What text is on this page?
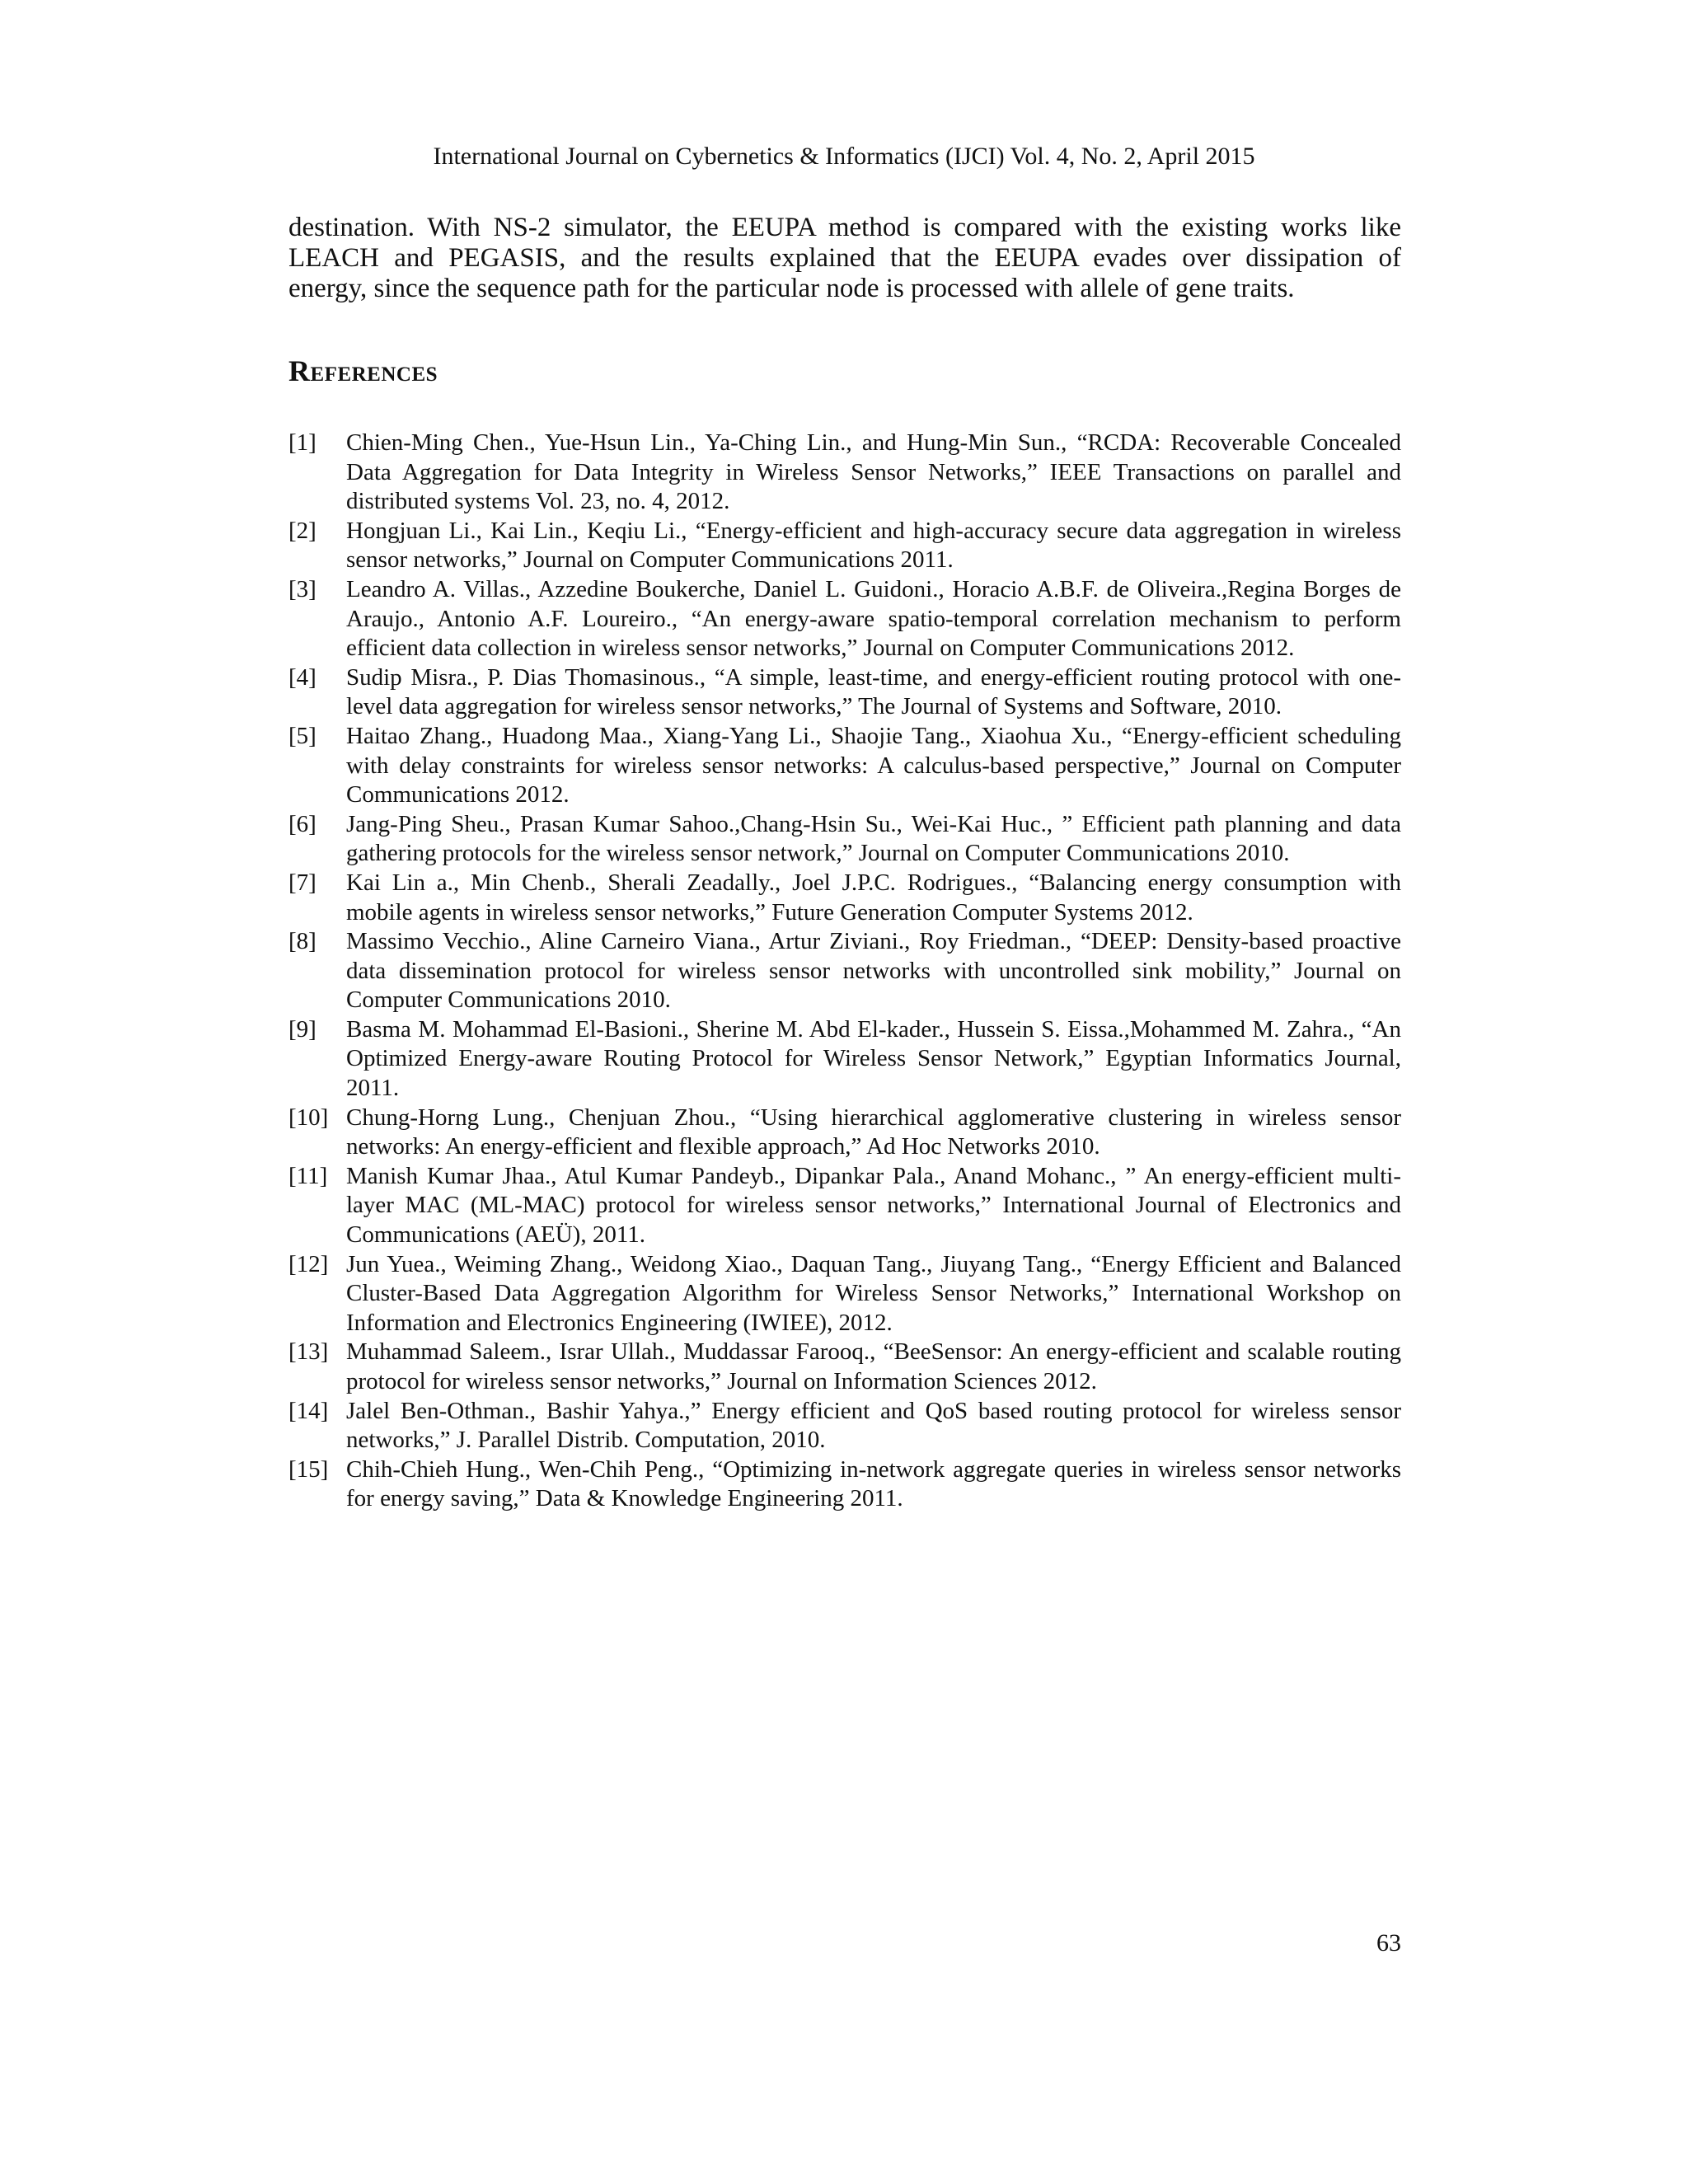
International Journal on Cybernetics & Informatics (IJCI) Vol. 4, No. 2, April 2015
destination. With NS-2 simulator, the EEUPA method is compared with the existing works like
LEACH and PEGASIS, and the results explained that the EEUPA evades over dissipation of
energy, since the sequence path for the particular node is processed with allele of gene traits.
References
[1] Chien-Ming Chen., Yue-Hsun Lin., Ya-Ching Lin., and Hung-Min Sun., “RCDA: Recoverable Concealed Data Aggregation for Data Integrity in Wireless Sensor Networks,” IEEE Transactions on parallel and distributed systems Vol. 23, no. 4, 2012.
[2] Hongjuan Li., Kai Lin., Keqiu Li., “Energy-efficient and high-accuracy secure data aggregation in wireless sensor networks,” Journal on Computer Communications 2011.
[3] Leandro A. Villas., Azzedine Boukerche, Daniel L. Guidoni., Horacio A.B.F. de Oliveira.,Regina Borges de Araujo., Antonio A.F. Loureiro., “An energy-aware spatio-temporal correlation mechanism to perform efficient data collection in wireless sensor networks,” Journal on Computer Communications 2012.
[4] Sudip Misra., P. Dias Thomasinous., “A simple, least-time, and energy-efficient routing protocol with one-level data aggregation for wireless sensor networks,” The Journal of Systems and Software, 2010.
[5] Haitao Zhang., Huadong Maa., Xiang-Yang Li., Shaojie Tang., Xiaohua Xu., “Energy-efficient scheduling with delay constraints for wireless sensor networks: A calculus-based perspective,” Journal on Computer Communications 2012.
[6] Jang-Ping Sheu., Prasan Kumar Sahoo.,Chang-Hsin Su., Wei-Kai Huc., ” Efficient path planning and data gathering protocols for the wireless sensor network,” Journal on Computer Communications 2010.
[7] Kai Lin a., Min Chenb., Sherali Zeadally., Joel J.P.C. Rodrigues., “Balancing energy consumption with mobile agents in wireless sensor networks,” Future Generation Computer Systems 2012.
[8] Massimo Vecchio., Aline Carneiro Viana., Artur Ziviani., Roy Friedman., “DEEP: Density-based proactive data dissemination protocol for wireless sensor networks with uncontrolled sink mobility,” Journal on Computer Communications 2010.
[9] Basma M. Mohammad El-Basioni., Sherine M. Abd El-kader., Hussein S. Eissa.,Mohammed M. Zahra., “An Optimized Energy-aware Routing Protocol for Wireless Sensor Network,” Egyptian Informatics Journal, 2011.
[10] Chung-Horng Lung., Chenjuan Zhou., “Using hierarchical agglomerative clustering in wireless sensor networks: An energy-efficient and flexible approach,” Ad Hoc Networks 2010.
[11] Manish Kumar Jhaa., Atul Kumar Pandeyb., Dipankar Pala., Anand Mohanc., ” An energy-efficient multi-layer MAC (ML-MAC) protocol for wireless sensor networks,” International Journal of Electronics and Communications (AEÜ), 2011.
[12] Jun Yuea., Weiming Zhang., Weidong Xiao., Daquan Tang., Jiuyang Tang., “Energy Efficient and Balanced Cluster-Based Data Aggregation Algorithm for Wireless Sensor Networks,” International Workshop on Information and Electronics Engineering (IWIEE), 2012.
[13] Muhammad Saleem., Israr Ullah., Muddassar Farooq., “BeeSensor: An energy-efficient and scalable routing protocol for wireless sensor networks,” Journal on Information Sciences 2012.
[14] Jalel Ben-Othman., Bashir Yahya.,” Energy efficient and QoS based routing protocol for wireless sensor networks,” J. Parallel Distrib. Computation, 2010.
[15] Chih-Chieh Hung., Wen-Chih Peng., “Optimizing in-network aggregate queries in wireless sensor networks for energy saving,” Data & Knowledge Engineering 2011.
63
